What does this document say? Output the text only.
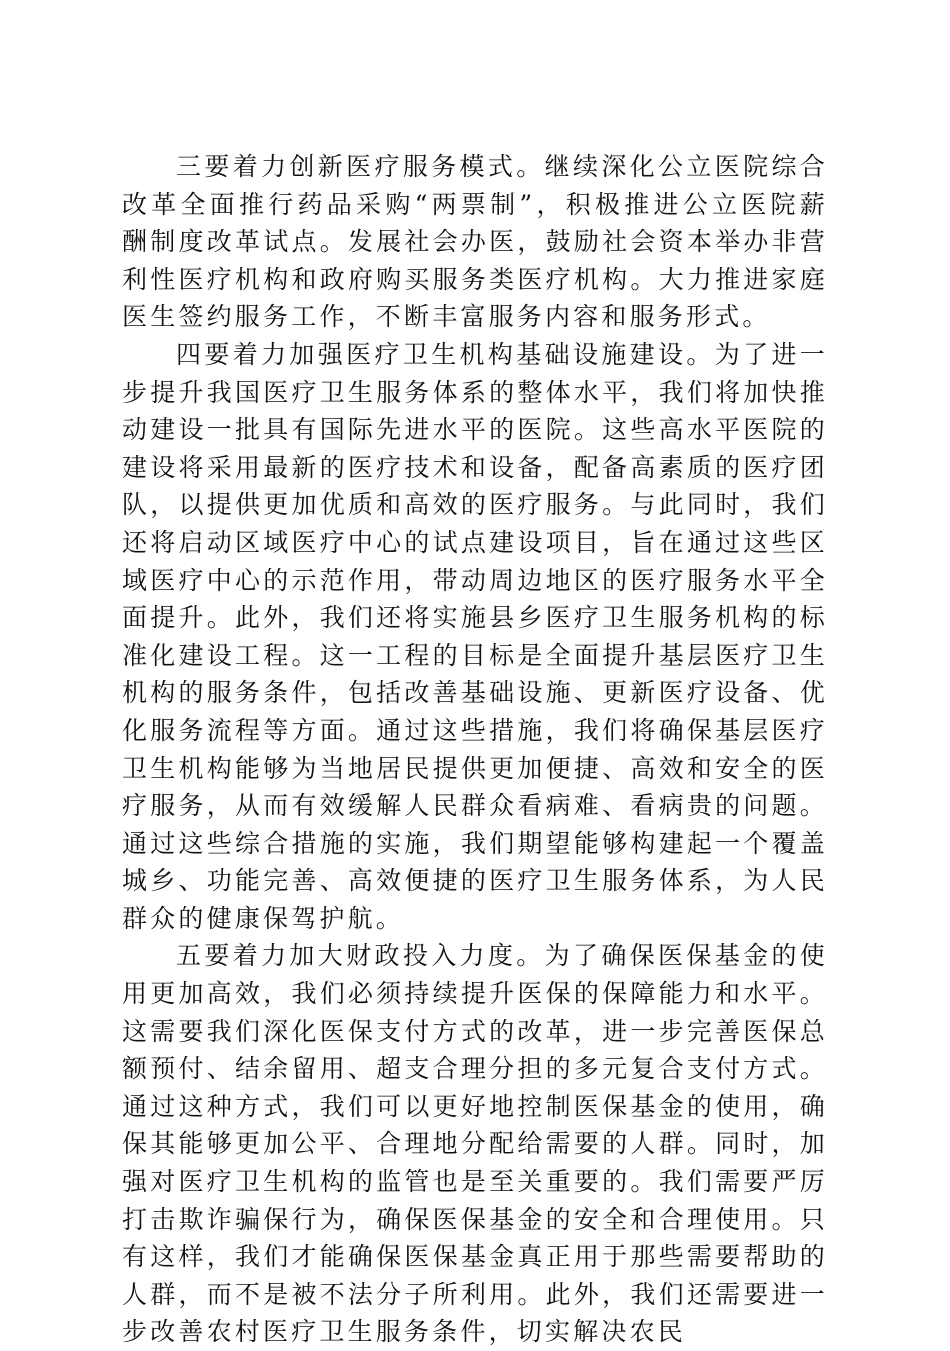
三要着力创新医疗服务模式。继续深化公立医院综合改革全面推行药品采购“两票制”，积极推进公立医院薪酬制度改革试点。发展社会办医，鼓励社会资本举办非营利性医疗机构和政府购买服务类医疗机构。大力推进家庭医生签约服务工作，不断丰富服务内容和服务形式。

四要着力加强医疗卫生机构基础设施建设。为了进一步提升我国医疗卫生服务体系的整体水平，我们将加快推动建设一批具有国际先进水平的医院。这些高水平医院的建设将采用最新的医疗技术和设备，配备高素质的医疗团队，以提供更加优质和高效的医疗服务。与此同时，我们还将启动区域医疗中心的试点建设项目，旨在通过这些区域医疗中心的示范作用，带动周边地区的医疗服务水平全面提升。此外，我们还将实施县乡医疗卫生服务机构的标准化建设工程。这一工程的目标是全面提升基层医疗卫生机构的服务条件，包括改善基础设施、更新医疗设备、优化服务流程等方面。通过这些措施，我们将确保基层医疗卫生机构能够为当地居民提供更加便捷、高效和安全的医疗服务，从而有效缓解人民群众看病难、看病贵的问题。通过这些综合措施的实施，我们期望能够构建起一个覆盖城乡、功能完善、高效便捷的医疗卫生服务体系，为人民群众的健康保驾护航。

五要着力加大财政投入力度。为了确保医保基金的使用更加高效，我们必须持续提升医保的保障能力和水平。这需要我们深化医保支付方式的改革，进一步完善医保总额预付、结余留用、超支合理分担的多元复合支付方式。通过这种方式，我们可以更好地控制医保基金的使用，确保其能够更加公平、合理地分配给需要的人群。同时，加强对医疗卫生机构的监管也是至关重要的。我们需要严厉打击欺诈骗保行为，确保医保基金的安全和合理使用。只有这样，我们才能确保医保基金真正用于那些需要帮助的人群，而不是被不法分子所利用。此外，我们还需要进一步改善农村医疗卫生服务条件，切实解决农民
